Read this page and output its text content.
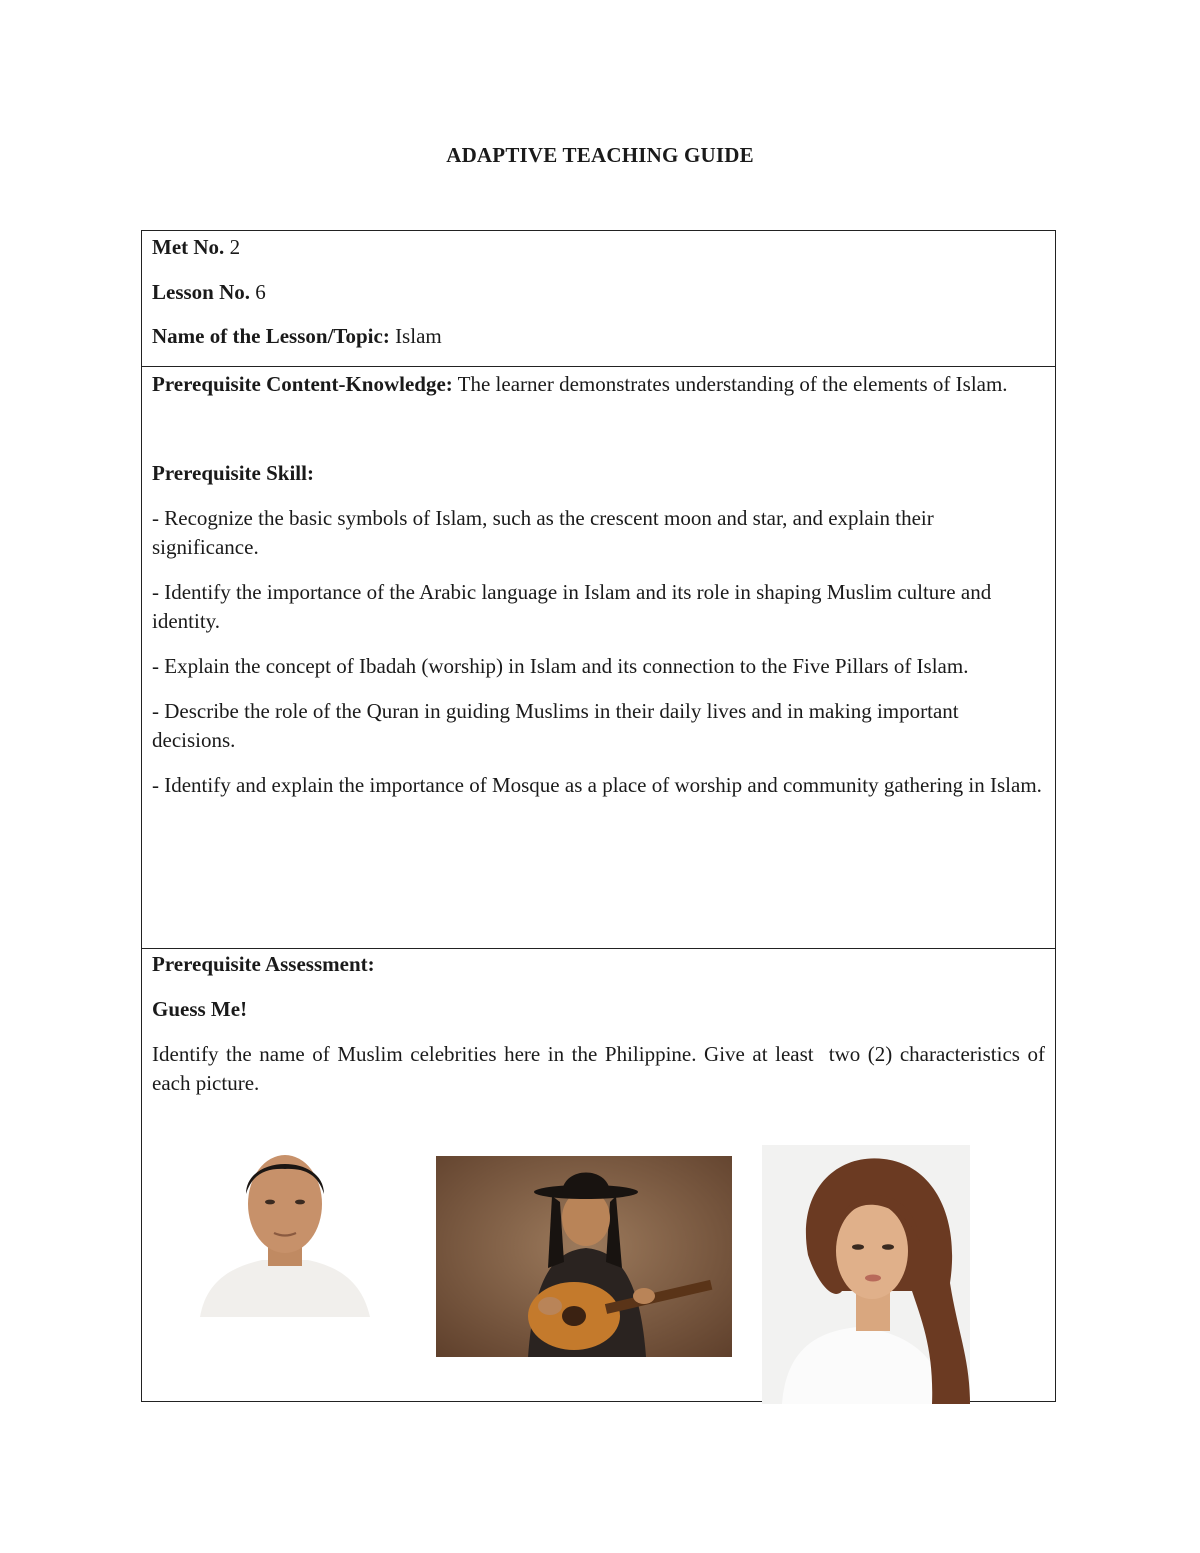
ADAPTIVE TEACHING GUIDE

Met No. 2

Lesson No. 6

Name of the Lesson/Topic: Islam

Prerequisite Content-Knowledge: The learner demonstrates understanding of the elements of Islam.

Prerequisite Skill:

- Recognize the basic symbols of Islam, such as the crescent moon and star, and explain their significance.

- Identify the importance of the Arabic language in Islam and its role in shaping Muslim culture and identity.

- Explain the concept of Ibadah (worship) in Islam and its connection to the Five Pillars of Islam.

- Describe the role of the Quran in guiding Muslims in their daily lives and in making important decisions.

- Identify and explain the importance of Mosque as a place of worship and community gathering in Islam.

Prerequisite Assessment:

Guess Me!

Identify the name of Muslim celebrities here in the Philippine. Give at least  two (2) characteristics of each picture.
